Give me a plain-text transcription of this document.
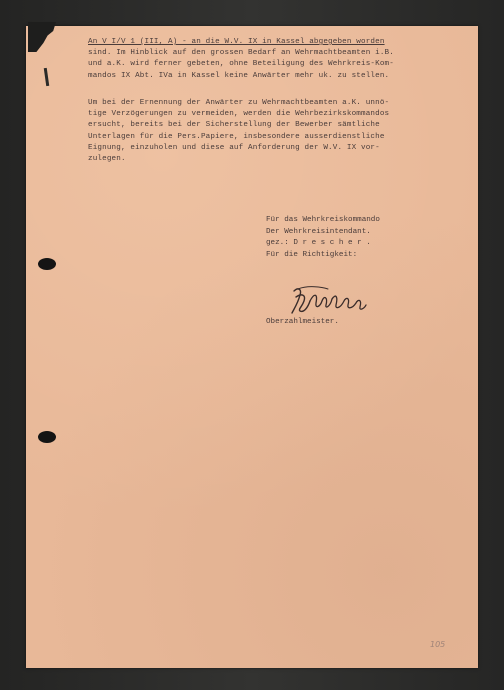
An V I/V 1 (III, A) - an die W.V. IX in Kassel abgegeben worden
sind. Im Hinblick auf den grossen Bedarf an Wehrmachtbeamten i.B.
und a.K. wird ferner gebeten, ohne Beteiligung des Wehrkreis-Kom-
mandos IX Abt. IVa in Kassel keine Anwärter mehr uk. zu stellen.
Um bei der Ernennung der Anwärter zu Wehrmachtbeamten a.K. unnö-
tige Verzögerungen zu vermeiden, werden die Wehrbezirkskommandos
ersucht, bereits bei der Sicherstellung der Bewerber sämtliche
Unterlagen für die Pers.Papiere, insbesondere ausserdienstliche
Eignung, einzuholen und diese auf Anforderung der W.V. IX vor-
zulegen.
Für das Wehrkreiskommando
Der Wehrkreisintendant.
gez.: D r e s c h e r .
Für die Richtigkeit:
Oberzahlmeister.
105
